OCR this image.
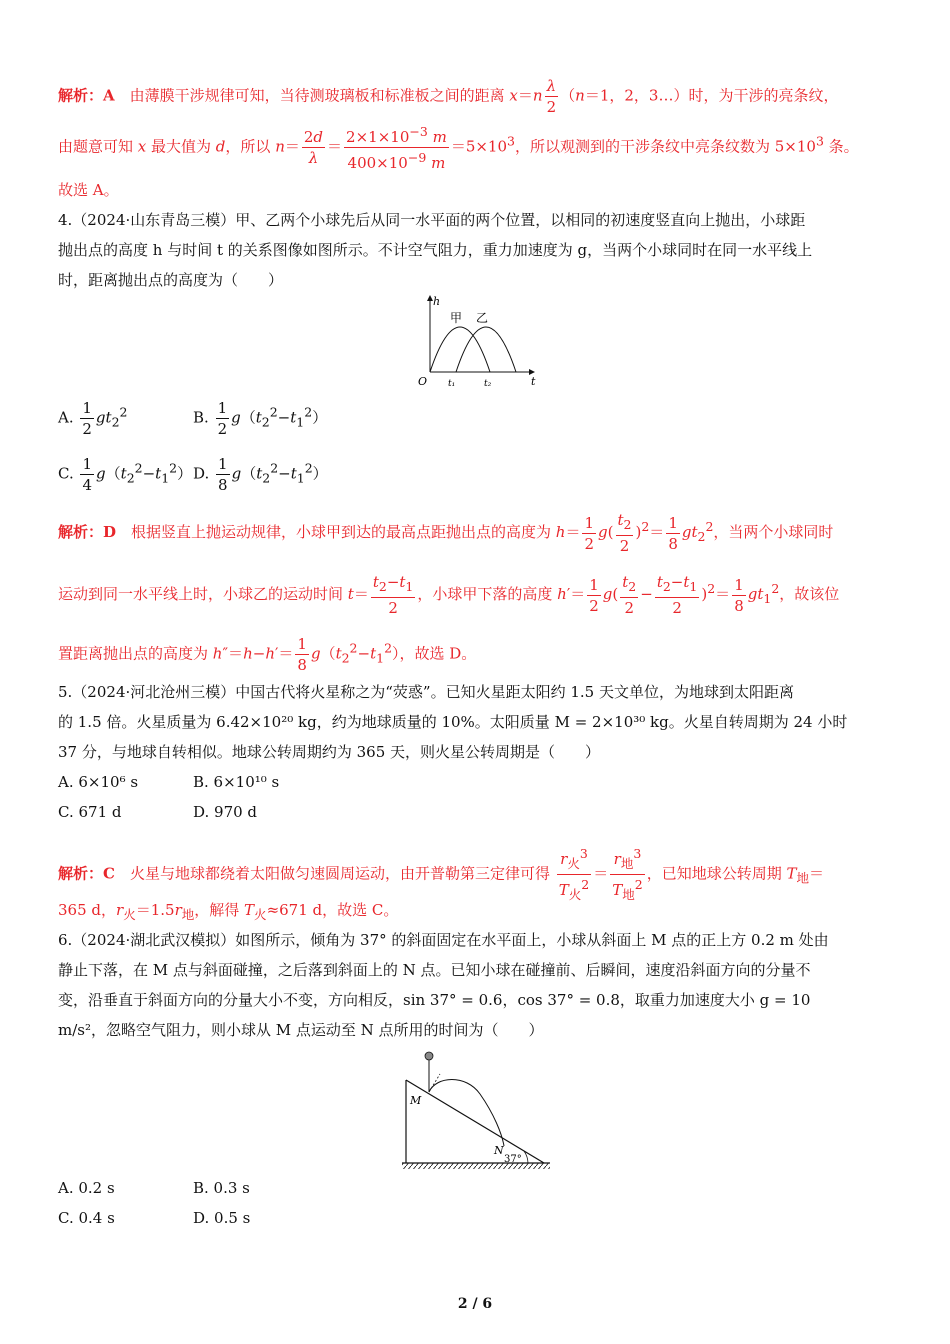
解析：A　由薄膜干涉规律可知，当待测玻璃板和标准板之间的距离 $x=n \frac{\lambda}{2} (n=1$，2，3…）时，为干涉的亮条纹，
由题意可知 x 最大值为 d，所以 $n= \frac{2d}{\lambda} = \frac{2\times 1\times 10^{-3} m}{400\times 10^{-9} m} =5\times 10^3$，所以观测到的干涉条纹中亮条纹数为 $5\times 10^3$ 条。
故选 A。
4.（2024·山东青岛三模）甲、乙两个小球先后从同一水平面的两个位置，以相同的初速度竖直向上抛出，小球距
抛出点的高度 h 与时间 t 的关系图像如图所示。不计空气阻力，重力加速度为 g，当两个小球同时在同一水平线上
时，距离抛出点的高度为（　　）
h
t
O t₁	t₂
甲 乙
A. $\frac{1}{2} gt_2^2$	B. $\frac{1}{2} g(t_2^2-t_1^2)$
C. $\frac{1}{4} g(t_2^2-t_1^2)$ D. $\frac{1}{8} g(t_2^2-t_1^2)$
解析：D　根据竖直上抛运动规律，小球甲到达的最高点距抛出点的高度为 $h= \frac{1}{2} g( \frac{t_2}{2} )^2= \frac{1}{8} gt_2^2$，当两个小球同时
运动到同一水平线上时，小球乙的运动时间 $t= \frac{t_2-t_1}{2}$ ，小球甲下落的高度 $h'= \frac{1}{2} g( \frac{t_2}{2} - \frac{t_2-t_1}{2} )^2= \frac{1}{8} gt_1^2$，故该位
置距离抛出点的高度为 $h''=h-h'= \frac{1}{8} g(t_2^2-t_1^2)$，故选 D。
5.（2024·河北沧州三模）中国古代将火星称之为“荧惑”。已知火星距太阳约 1.5 天文单位，为地球到太阳距离
的 1.5 倍。火星质量为 6.42×10²⁰ kg，约为地球质量的 10%。太阳质量 M = 2×10³⁰ kg。火星自转周期为 24 小时
37 分，与地球自转相似。地球公转周期约为 365 天，则火星公转周期是（　　）
A. 6×10⁶ s	B. 6×10¹⁰ s
C. 671 d	D. 970 d
解析：C　火星与地球都绕着太阳做匀速圆周运动，由开普勒第三定律可得 $\frac{r_火^3}{T_火^2} = \frac{r_地^3}{T_地^2}$ ，已知地球公转周期 $T_地=$
365 d，$r_火=1.5r_地$，解得 $T_火\approx 671$ d，故选 C。
6.（2024·湖北武汉模拟）如图所示，倾角为 37° 的斜面固定在水平面上，小球从斜面上 M 点的正上方 0.2 m 处由
静止下落，在 M 点与斜面碰撞，之后落到斜面上的 N 点。已知小球在碰撞前、后瞬间，速度沿斜面方向的分量不
变，沿垂直于斜面方向的分量大小不变，方向相反，sin 37° = 0.6，cos 37° = 0.8，取重力加速度大小 g = 10
m/s²，忽略空气阻力，则小球从 M 点运动至 N 点所用的时间为（　　）
M
N
37°
A. 0.2 s	B. 0.3 s
C. 0.4 s	D. 0.5 s
2 / 6
